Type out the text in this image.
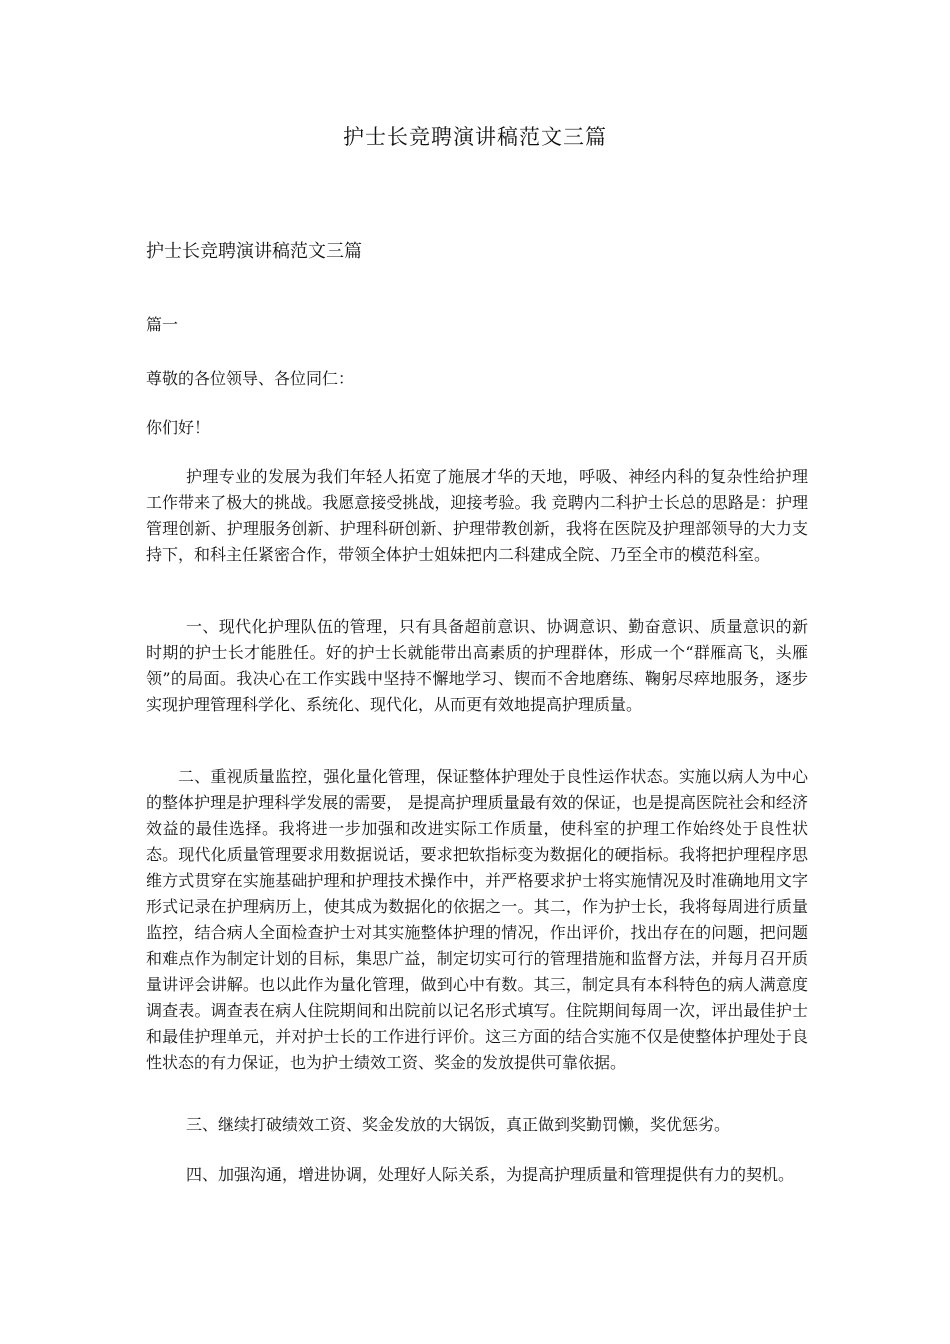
护士长竞聘演讲稿范文三篇
护士长竞聘演讲稿范文三篇
篇一
尊敬的各位领导、各位同仁：
你们好！

护理专业的发展为我们年轻人拓宽了施展才华的天地，呼吸、神经内科的复杂性给护理工作带来了极大的挑战。我愿意接受挑战，迎接考验。我 竞聘内二科护士长总的思路是：护理管理创新、护理服务创新、护理科研创新、护理带教创新，我将在医院及护理部领导的大力支持下，和科主任紧密合作，带领全体护士姐妹把内二科建成全院、乃至全市的模范科室。

一、现代化护理队伍的管理，只有具备超前意识、协调意识、勤奋意识、质量意识的新时期的护士长才能胜任。好的护士长就能带出高素质的护理群体，形成一个“群雁高飞，头雁领”的局面。我决心在工作实践中坚持不懈地学习、锲而不舍地磨练、鞠躬尽瘁地服务，逐步实现护理管理科学化、系统化、现代化，从而更有效地提高护理质量。

二、重视质量监控，强化量化管理，保证整体护理处于良性运作状态。实施以病人为中心的整体护理是护理科学发展的需要， 是提高护理质量最有效的保证，也是提高医院社会和经济效益的最佳选择。我将进一步加强和改进实际工作质量，使科室的护理工作始终处于良性状态。现代化质量管理要求用数据说话，要求把软指标变为数据化的硬指标。我将把护理程序思维方式贯穿在实施基础护理和护理技术操作中，并严格要求护士将实施情况及时准确地用文字形式记录在护理病历上，使其成为数据化的依据之一。其二，作为护士长，我将每周进行质量监控，结合病人全面检查护士对其实施整体护理的情况，作出评价，找出存在的问题，把问题和难点作为制定计划的目标，集思广益，制定切实可行的管理措施和监督方法，并每月召开质量讲评会讲解。也以此作为量化管理，做到心中有数。其三，制定具有本科特色的病人满意度调查表。调查表在病人住院期间和出院前以记名形式填写。住院期间每周一次，评出最佳护士和最佳护理单元，并对护士长的工作进行评价。这三方面的结合实施不仅是使整体护理处于良性状态的有力保证，也为护士绩效工资、奖金的发放提供可靠依据。

三、继续打破绩效工资、奖金发放的大锅饭，真正做到奖勤罚懒，奖优惩劣。

四、加强沟通，增进协调，处理好人际关系，为提高护理质量和管理提供有力的契机。
